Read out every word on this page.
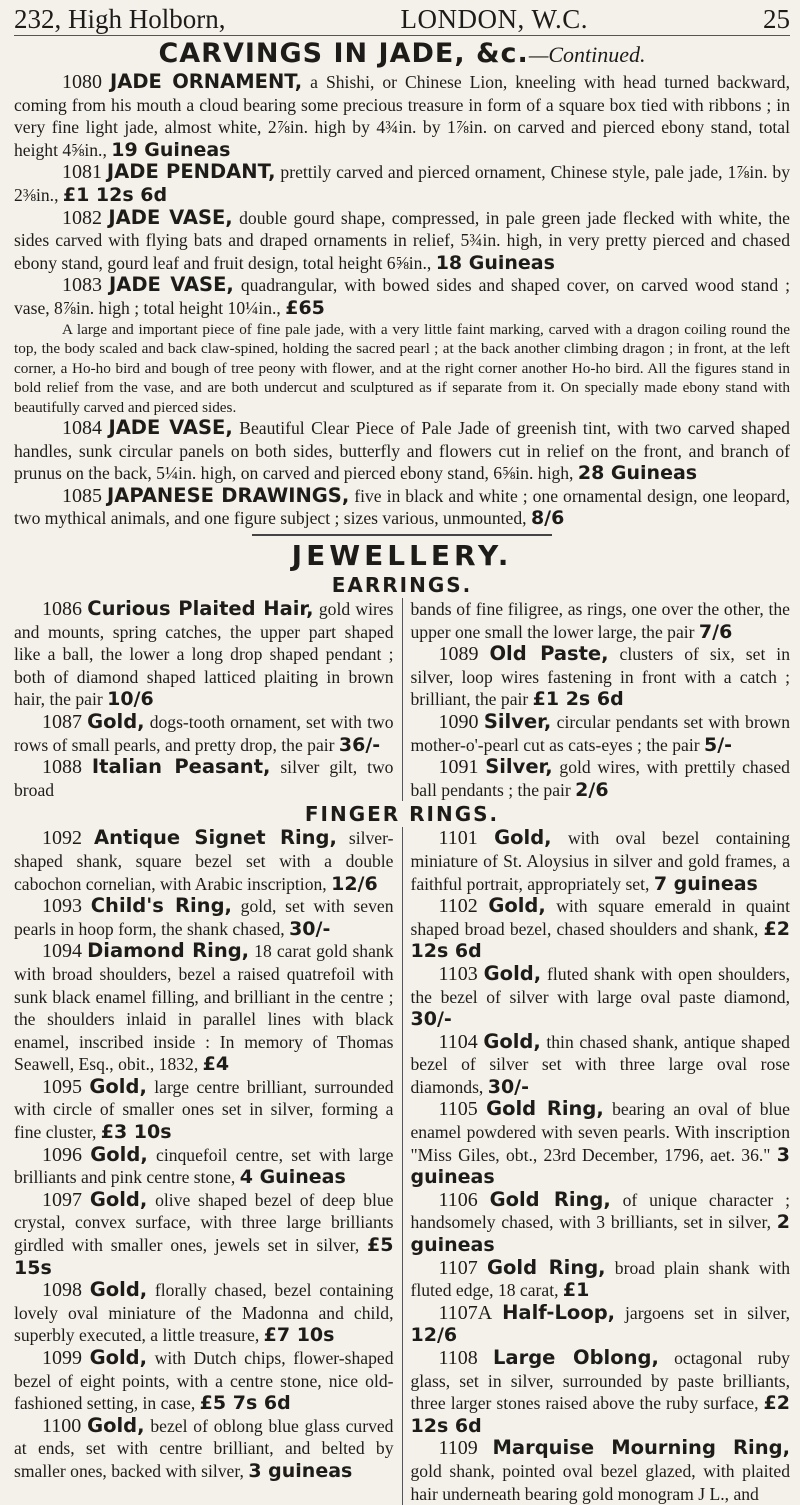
232, High Holborn,	LONDON, W.C.	25
CARVINGS IN JADE, &c.—Continued.

1080 JADE ORNAMENT, a Shishi, or Chinese Lion, kneeling with head turned backward, coming from his mouth a cloud bearing some precious treasure in form of a square box tied with ribbons ; in very fine light jade, almost white, 2⅞in. high by 4¾in. by 1⅞in. on carved and pierced ebony stand, total height 4⅝in., 19 Guineas

1081 JADE PENDANT, prettily carved and pierced ornament, Chinese style, pale jade, 1⅞in. by 2⅜in., £1 12s 6d

1082 JADE VASE, double gourd shape, compressed, in pale green jade flecked with white, the sides carved with flying bats and draped ornaments in relief, 5¾in. high, in very pretty pierced and chased ebony stand, gourd leaf and fruit design, total height 6⅝in., 18 Guineas

1083 JADE VASE, quadrangular, with bowed sides and shaped cover, on carved wood stand ; vase, 8⅞in. high ; total height 10¼in., £65

A large and important piece of fine pale jade, with a very little faint marking, carved with a dragon coiling round the top, the body scaled and back claw-spined, holding the sacred pearl ; at the back another climbing dragon ; in front, at the left corner, a Ho-ho bird and bough of tree peony with flower, and at the right corner another Ho-ho bird. All the figures stand in bold relief from the vase, and are both undercut and sculptured as if separate from it. On specially made ebony stand with beautifully carved and pierced sides.

1084 JADE VASE, Beautiful Clear Piece of Pale Jade of greenish tint, with two carved shaped handles, sunk circular panels on both sides, butterfly and flowers cut in relief on the front, and branch of prunus on the back, 5¼in. high, on carved and pierced ebony stand, 6⅝in. high, 28 Guineas

1085 JAPANESE DRAWINGS, five in black and white ; one ornamental design, one leopard, two mythical animals, and one figure subject ; sizes various, unmounted, 8/6

JEWELLERY.
EARRINGS.

1086 Curious Plaited Hair, gold wires and mounts, spring catches, the upper part shaped like a ball, the lower a long drop shaped pendant ; both of diamond shaped latticed plaiting in brown hair, the pair 10/6

1087 Gold, dogs-tooth ornament, set with two rows of small pearls, and pretty drop, the pair 36/-

1088 Italian Peasant, silver gilt, two broad

bands of fine filigree, as rings, one over the other, the upper one small the lower large, the pair 7/6

1089 Old Paste, clusters of six, set in silver, loop wires fastening in front with a catch ; brilliant, the pair £1 2s 6d

1090 Silver, circular pendants set with brown mother-o'-pearl cut as cats-eyes ; the pair 5/-

1091 Silver, gold wires, with prettily chased ball pendants ; the pair 2/6

FINGER RINGS.

1092 Antique Signet Ring, silver-shaped shank, square bezel set with a double cabochon cornelian, with Arabic inscription, 12/6

1093 Child's Ring, gold, set with seven pearls in hoop form, the shank chased, 30/-

1094 Diamond Ring, 18 carat gold shank with broad shoulders, bezel a raised quatrefoil with sunk black enamel filling, and brilliant in the centre ; the shoulders inlaid in parallel lines with black enamel, inscribed inside : In memory of Thomas Seawell, Esq., obit., 1832, £4

1095 Gold, large centre brilliant, surrounded with circle of smaller ones set in silver, forming a fine cluster, £3 10s

1096 Gold, cinquefoil centre, set with large brilliants and pink centre stone, 4 Guineas

1097 Gold, olive shaped bezel of deep blue crystal, convex surface, with three large brilliants girdled with smaller ones, jewels set in silver, £5 15s

1098 Gold, florally chased, bezel containing lovely oval miniature of the Madonna and child, superbly executed, a little treasure, £7 10s

1099 Gold, with Dutch chips, flower-shaped bezel of eight points, with a centre stone, nice old-fashioned setting, in case, £5 7s 6d

1100 Gold, bezel of oblong blue glass curved at ends, set with centre brilliant, and belted by smaller ones, backed with silver, 3 guineas

1101 Gold, with oval bezel containing miniature of St. Aloysius in silver and gold frames, a faithful portrait, appropriately set, 7 guineas

1102 Gold, with square emerald in quaint shaped broad bezel, chased shoulders and shank, £2 12s 6d

1103 Gold, fluted shank with open shoulders, the bezel of silver with large oval paste diamond, 30/-

1104 Gold, thin chased shank, antique shaped bezel of silver set with three large oval rose diamonds, 30/-

1105 Gold Ring, bearing an oval of blue enamel powdered with seven pearls. With inscription "Miss Giles, obt., 23rd December, 1796, aet. 36." 3 guineas

1106 Gold Ring, of unique character ; handsomely chased, with 3 brilliants, set in silver, 2 guineas

1107 Gold Ring, broad plain shank with fluted edge, 18 carat, £1

1107A Half-Loop, jargoens set in silver, 12/6

1108 Large Oblong, octagonal ruby glass, set in silver, surrounded by paste brilliants, three larger stones raised above the ruby surface, £2 12s 6d

1109 Marquise Mourning Ring, gold shank, pointed oval bezel glazed, with plaited hair underneath bearing gold monogram J L., and
